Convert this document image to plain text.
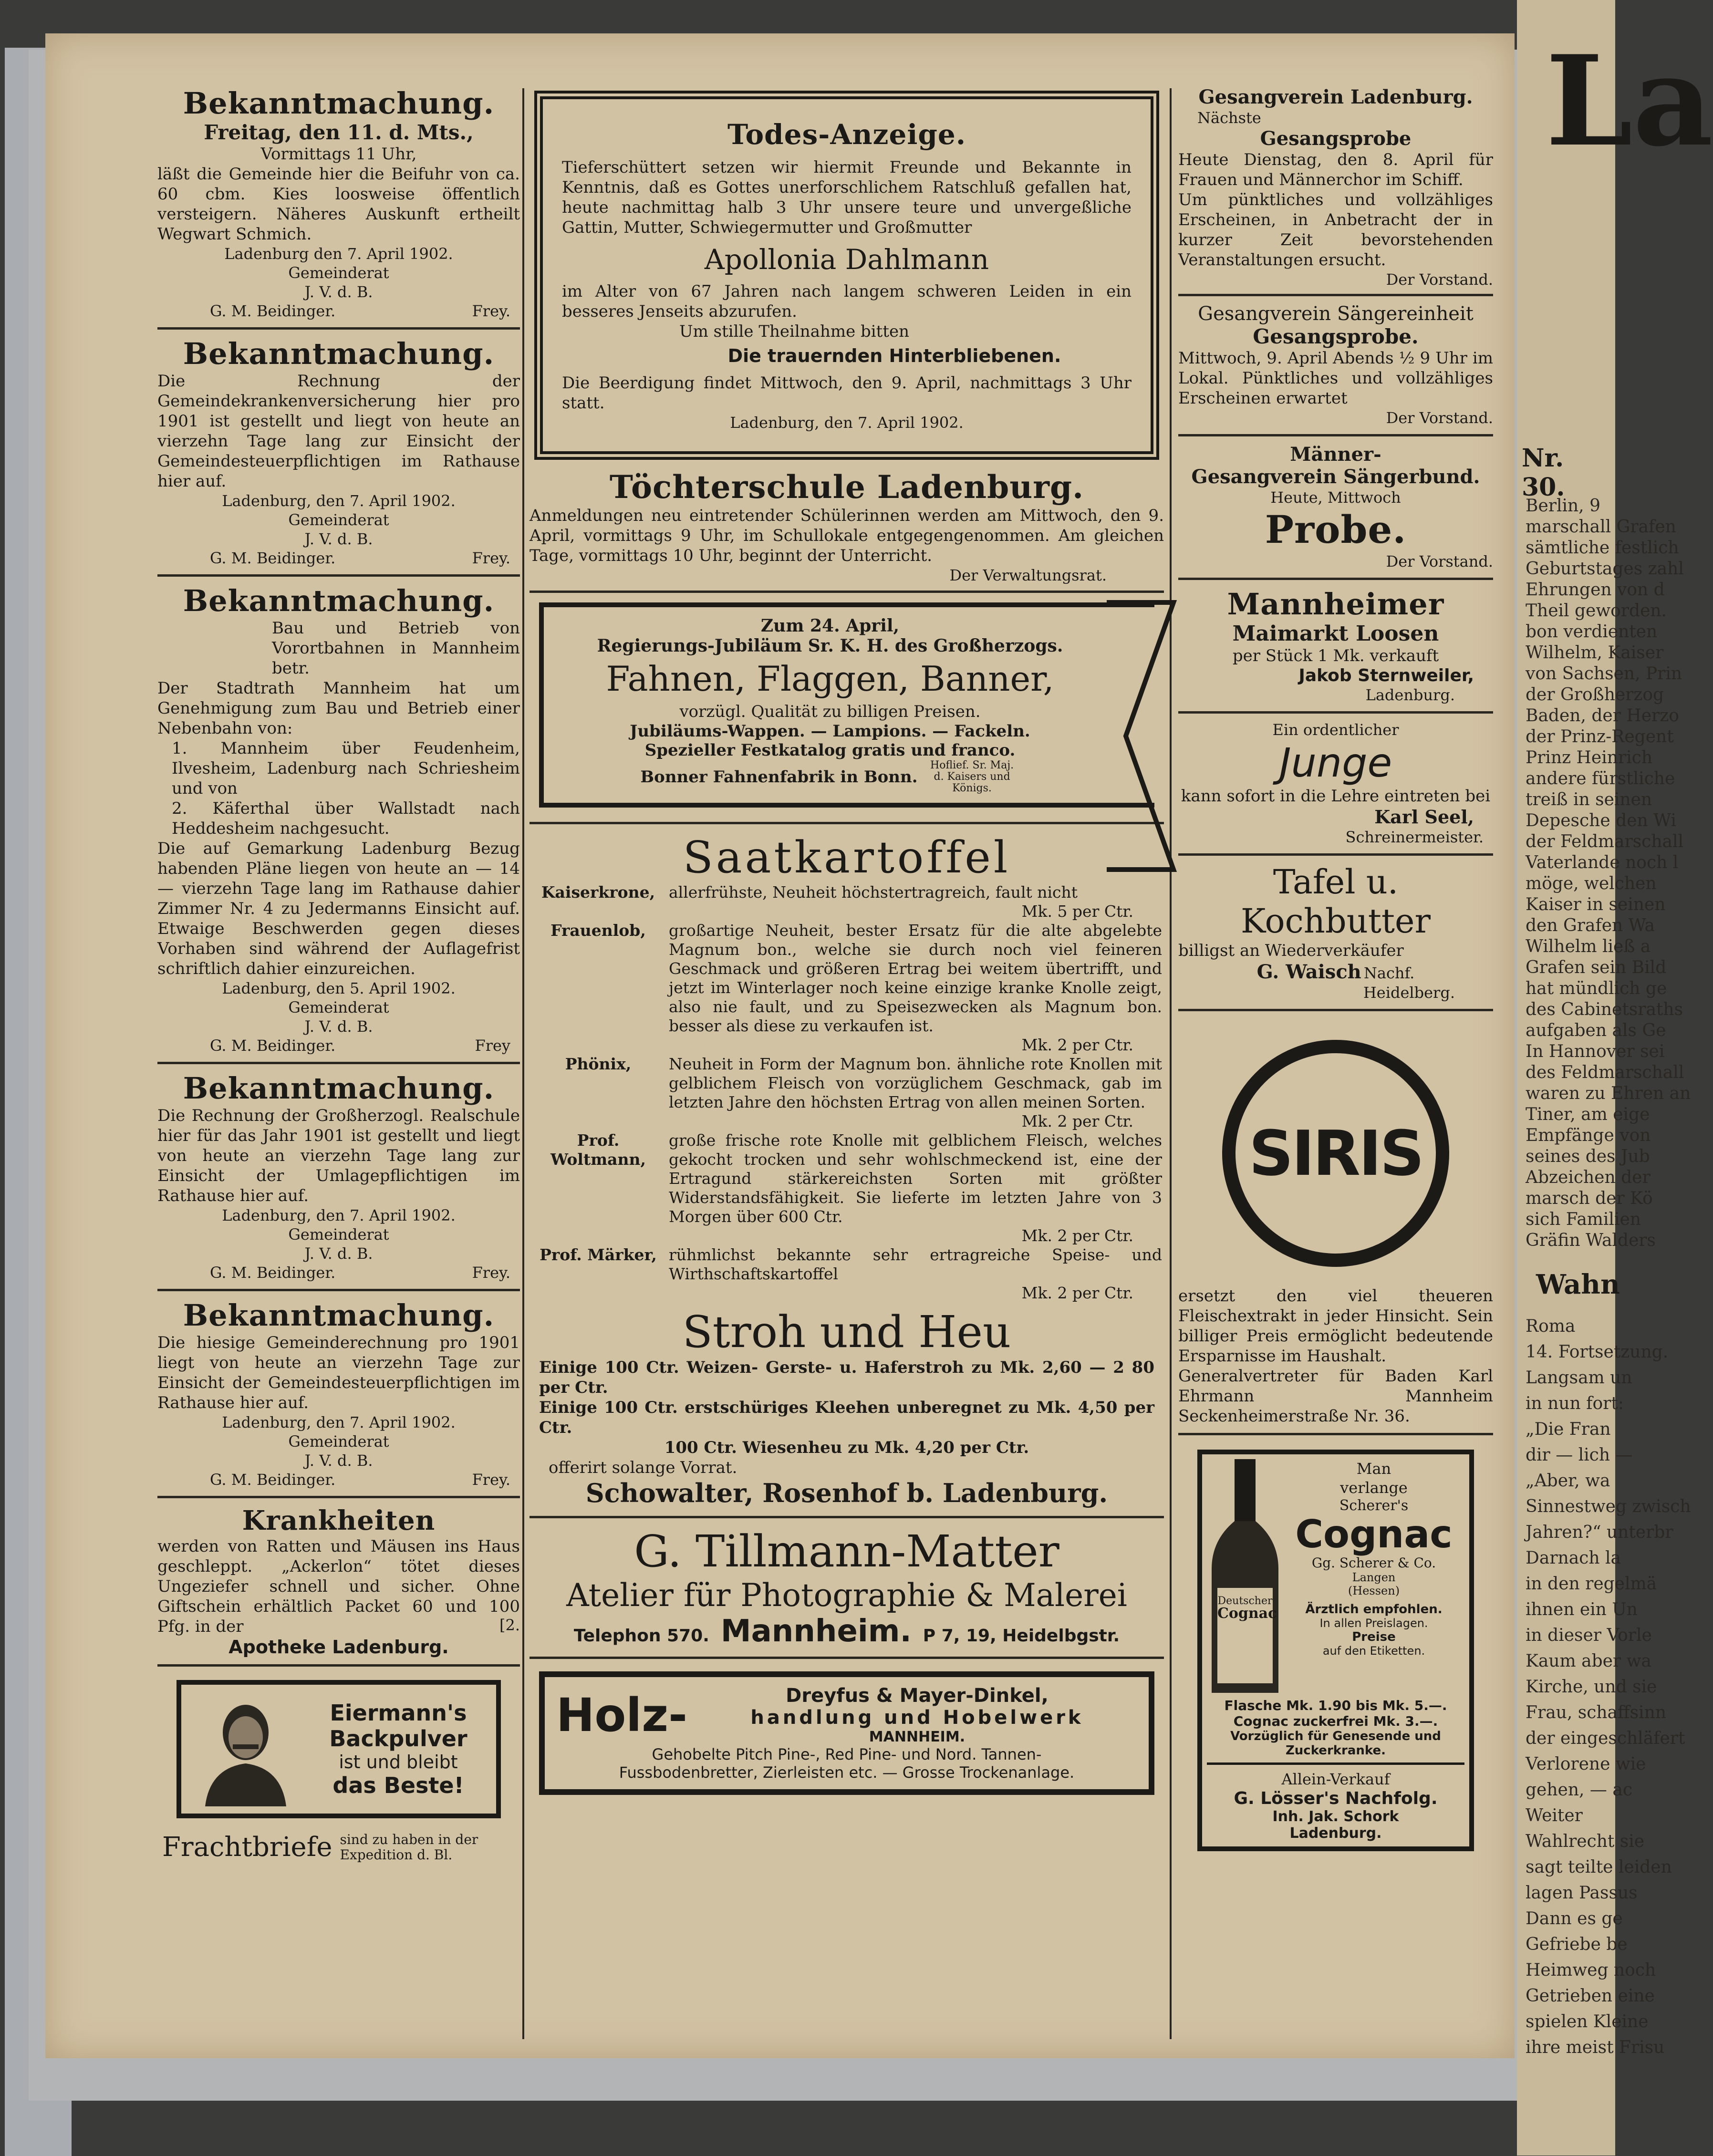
Bekanntmachung.
Freitag, den 11. d. Mts.,
Vormittags 11 Uhr,
läßt die Gemeinde hier die Beifuhr von ca. 60 cbm. Kies loosweise öffentlich versteigern. Näheres Auskunft ertheilt Wegwart Schmich.
Ladenburg den 7. April 1902.
Gemeinderat
J. V. d. B.
G. M. Beidinger.	Frey.
Bekanntmachung.
Die Rechnung der Gemeindekrankenversicherung hier pro 1901 ist gestellt und liegt von heute an vierzehn Tage lang zur Einsicht der Gemeindesteuerpflichtigen im Rathause hier auf.
Ladenburg, den 7. April 1902.
Gemeinderat
J. V. d. B.
G. M. Beidinger.	Frey.
Bekanntmachung.
Bau und Betrieb von Vorortbahnen in Mannheim betr.
Der Stadtrath Mannheim hat um Genehmigung zum Bau und Betrieb einer Nebenbahn von:
1. Mannheim über Feudenheim, Ilvesheim, Ladenburg nach Schriesheim und von
2. Käferthal über Wallstadt nach Heddesheim nachgesucht.
Die auf Gemarkung Ladenburg Bezug habenden Pläne liegen von heute an — 14 — vierzehn Tage lang im Rathause dahier Zimmer Nr. 4 zu Jedermanns Einsicht auf. Etwaige Beschwerden gegen dieses Vorhaben sind während der Auflagefrist schriftlich dahier einzureichen.
Ladenburg, den 5. April 1902.
Gemeinderat
J. V. d. B.
G. M. Beidinger.	Frey
Bekanntmachung.
Die Rechnung der Großherzogl. Realschule hier für das Jahr 1901 ist gestellt und liegt von heute an vierzehn Tage lang zur Einsicht der Umlagepflichtigen im Rathause hier auf.
Ladenburg, den 7. April 1902.
Gemeinderat
J. V. d. B.
G. M. Beidinger.	Frey.
Bekanntmachung.
Die hiesige Gemeinderechnung pro 1901 liegt von heute an vierzehn Tage zur Einsicht der Gemeindesteuerpflichtigen im Rathause hier auf.
Ladenburg, den 7. April 1902.
Gemeinderat
J. V. d. B.
G. M. Beidinger.	Frey.
Krankheiten
werden von Ratten und Mäusen ins Haus geschleppt. „Ackerlon“ tötet dieses Ungeziefer schnell und sicher. Ohne Giftschein erhältlich Packet 60 und 100 Pfg. in der
Apotheke Ladenburg.
[2.
Eiermann's
Backpulver
ist und bleibt
das Beste!
Frachtbriefe sind zu haben in der
Expedition d. Bl.
Todes-Anzeige.
Tieferschüttert setzen wir hiermit Freunde und Bekannte in Kenntnis, daß es Gottes unerforschlichem Ratschluß gefallen hat, heute nachmittag halb 3 Uhr unsere teure und unvergeßliche Gattin, Mutter, Schwiegermutter und Großmutter
Apollonia Dahlmann
im Alter von 67 Jahren nach langem schweren Leiden in ein besseres Jenseits abzurufen.
Um stille Theilnahme bitten
Die trauernden Hinterbliebenen.
Die Beerdigung findet Mittwoch, den 9. April, nachmittags 3 Uhr statt.
Ladenburg, den 7. April 1902.
Töchterschule Ladenburg.
Anmeldungen neu eintretender Schülerinnen werden am Mittwoch, den 9. April, vormittags 9 Uhr, im Schullokale entgegengenommen. Am gleichen Tage, vormittags 10 Uhr, beginnt der Unterricht.
Der Verwaltungsrat.
Zum 24. April,
Regierungs-Jubiläum Sr. K. H. des Großherzogs.
Fahnen, Flaggen, Banner,
vorzügl. Qualität zu billigen Preisen.
Jubiläums-Wappen. — Lampions. — Fackeln.
Spezieller Festkatalog gratis und franco.
Bonner Fahnenfabrik in Bonn.
Hoflief. Sr. Maj. d. Kaisers und Königs.
Saatkartoffel
Kaiserkrone,	allerfrühste, Neuheit höchstertragreich, fault nicht
Mk. 5 per Ctr.

Frauenlob,	großartige Neuheit, bester Ersatz für die alte abgelebte Magnum bon., welche sie durch noch viel feineren Geschmack und größeren Ertrag bei weitem übertrifft, und jetzt im Winterlager noch keine einzige kranke Knolle zeigt, also nie fault, und zu Speisezwecken als Magnum bon. besser als diese zu verkaufen ist.
Mk. 2 per Ctr.

Phönix,	Neuheit in Form der Magnum bon. ähnliche rote Knollen mit gelblichem Fleisch von vorzüglichem Geschmack, gab im letzten Jahre den höchsten Ertrag von allen meinen Sorten.
Mk. 2 per Ctr.

Prof. Woltmann,	große frische rote Knolle mit gelblichem Fleisch, welches gekocht trocken und sehr wohlschmeckend ist, eine der Ertragund stärkereichsten Sorten mit größter Widerstandsfähigkeit. Sie lieferte im letzten Jahre von 3 Morgen über 600 Ctr.
Mk. 2 per Ctr.

Prof. Märker,	rühmlichst bekannte sehr ertragreiche Speise- und Wirthschaftskartoffel
Mk. 2 per Ctr.
Stroh und Heu
Einige 100 Ctr. Weizen- Gerste- u. Haferstroh zu Mk. 2,60 — 2 80 per Ctr.
Einige 100 Ctr. erstschüriges Kleehen unberegnet zu Mk. 4,50 per Ctr.
100 Ctr. Wiesenheu zu Mk. 4,20 per Ctr.
offerirt solange Vorrat.
Schowalter, Rosenhof b. Ladenburg.
G. Tillmann-Matter
Atelier für Photographie & Malerei
Telephon 570. Mannheim. P 7, 19, Heidelbgstr.
Holz-	Dreyfus & Mayer-Dinkel,
handlung und Hobelwerk
MANNHEIM.
Gehobelte Pitch Pine-, Red Pine- und Nord. Tannen-
Fussbodenbretter, Zierleisten etc. — Grosse Trockenanlage.
Gesangverein Ladenburg.
Nächste
Gesangsprobe
Heute Dienstag, den 8. April für Frauen und Männerchor im Schiff.
Um pünktliches und vollzähliges Erscheinen, in Anbetracht der in kurzer Zeit bevorstehenden Veranstaltungen ersucht.
Der Vorstand.
Gesangverein Sängereinheit
Gesangsprobe.
Mittwoch, 9. April Abends ½ 9 Uhr im Lokal. Pünktliches und vollzähliges Erscheinen erwartet
Der Vorstand.
Männer-
Gesangverein Sängerbund.
Heute, Mittwoch
Probe.
Der Vorstand.
Mannheimer
Maimarkt Loosen
per Stück 1 Mk. verkauft
Jakob Sternweiler,
Ladenburg.
Ein ordentlicher
Junge
kann sofort in die Lehre eintreten bei
Karl Seel,
Schreinermeister.
Tafel u. Kochbutter
billigst an Wiederverkäufer
G. Waisch Nachf.
Heidelberg.
SIRIS
ersetzt den viel theueren Fleischextrakt in jeder Hinsicht. Sein billiger Preis ermöglicht bedeutende Ersparnisse im Haushalt.
Generalvertreter für Baden Karl Ehrmann Mannheim Seckenheimerstraße Nr. 36.
Deutscher
Cognac
Man
verlange
Scherer's
Cognac
Gg. Scherer & Co.
Langen
(Hessen)
Ärztlich empfohlen.
In allen Preislagen.
Preise
auf den Etiketten.
Flasche Mk. 1.90 bis Mk. 5.—.
Cognac zuckerfrei Mk. 3.—.
Vorzüglich für Genesende und
Zuckerkranke.
Allein-Verkauf
G. Lösser's Nachfolg.
Inh. Jak. Schork
Ladenburg.
La
Nr. 30.
Berlin, 9
marschall Grafen
sämtliche festlich
Geburtstages zahl
Ehrungen von d
Theil geworden.
bon verdienten
Wilhelm, Kaiser
von Sachsen, Prin
der Großherzog
Baden, der Herzo
der Prinz-Regent
Prinz Heinrich
andere fürstliche
treiß in seinen
Depesche den Wi
der Feldmarschall
Vaterlande noch l
möge, welchen
Kaiser in seinen
den Grafen Wa
Wilhelm ließ a
Grafen sein Bild
hat mündlich ge
des Cabinetsraths
aufgaben als Ge
In Hannover sei
des Feldmarschall
waren zu Ehren an
Tiner, am eige
Empfänge von
seines des Jub
Abzeichen der
marsch der Kö
sich Familien
Gräfin Walders
Wahn
Roma
14. Fortsetzung.
Langsam un
in nun fort:
„Die Fran
dir — lich —
„Aber, wa
Sinnestweg zwisch
Jahren?“ unterbr
Darnach la
in den regelmä
ihnen ein Un
in dieser Vorle
Kaum aber wa
Kirche, und sie
Frau, schaffsinn
der eingeschläfert
Verlorene wie
gehen, — ac
Weiter
Wahlrecht sie
sagt teilte leiden
lagen Passus
Dann es ge
Gefriebe be
Heimweg noch
Getrieben eine
spielen Kleine
ihre meist Frisu
